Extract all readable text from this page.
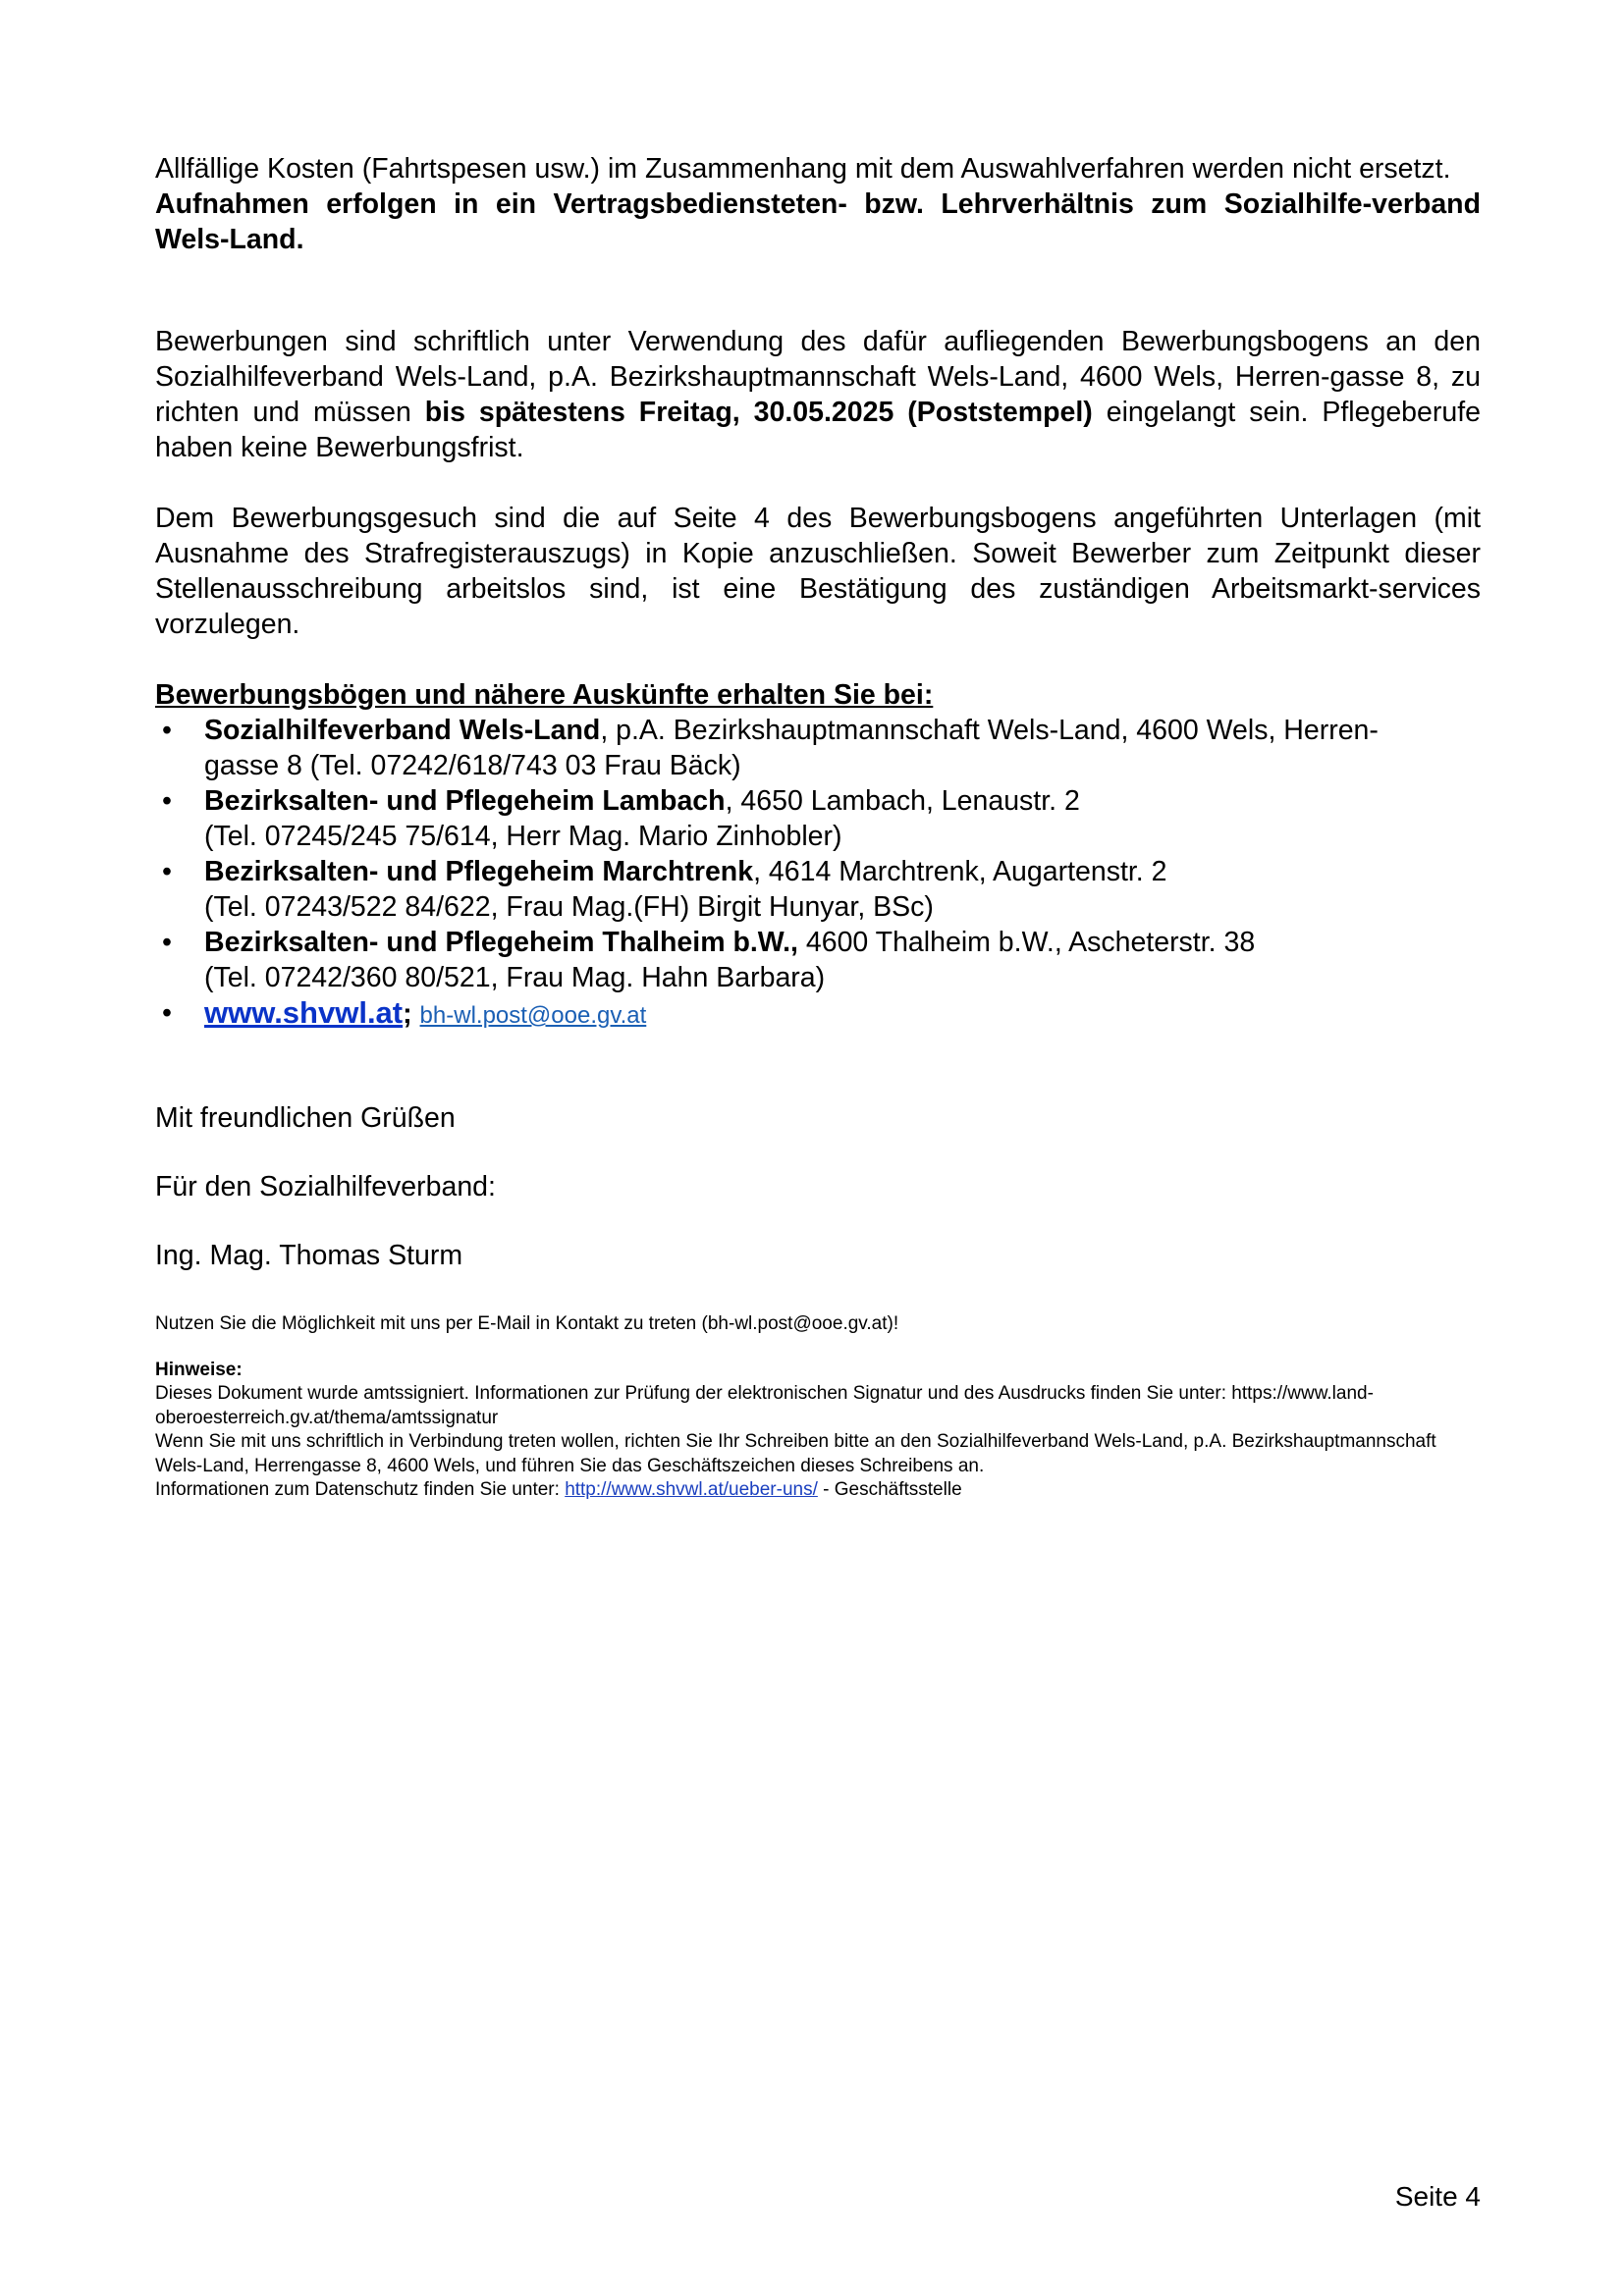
Allfällige Kosten (Fahrtspesen usw.) im Zusammenhang mit dem Auswahlverfahren werden nicht ersetzt.

Aufnahmen erfolgen in ein Vertragsbediensteten- bzw. Lehrverhältnis zum Sozialhilfe-verband Wels-Land.

Bewerbungen sind schriftlich unter Verwendung des dafür aufliegenden Bewerbungsbogens an den Sozialhilfeverband Wels-Land, p.A. Bezirkshauptmannschaft Wels-Land, 4600 Wels, Herren-gasse 8, zu richten und müssen bis spätestens Freitag, 30.05.2025 (Poststempel) eingelangt sein. Pflegeberufe haben keine Bewerbungsfrist.

Dem Bewerbungsgesuch sind die auf Seite 4 des Bewerbungsbogens angeführten Unterlagen (mit Ausnahme des Strafregisterauszugs) in Kopie anzuschließen. Soweit Bewerber zum Zeitpunkt dieser Stellenausschreibung arbeitslos sind, ist eine Bestätigung des zuständigen Arbeitsmarkt-services vorzulegen.

Bewerbungsbögen und nähere Auskünfte erhalten Sie bei:

• Sozialhilfeverband Wels-Land, p.A. Bezirkshauptmannschaft Wels-Land, 4600 Wels, Herren-
gasse 8 (Tel. 07242/618/743 03 Frau Bäck)
• Bezirksalten- und Pflegeheim Lambach, 4650 Lambach, Lenaustr. 2
(Tel. 07245/245 75/614, Herr Mag. Mario Zinhobler)
• Bezirksalten- und Pflegeheim Marchtrenk, 4614 Marchtrenk, Augartenstr. 2
(Tel. 07243/522 84/622, Frau Mag.(FH) Birgit Hunyar, BSc)
• Bezirksalten- und Pflegeheim Thalheim b.W., 4600 Thalheim b.W., Ascheterstr. 38
(Tel. 07242/360 80/521, Frau Mag. Hahn Barbara)
• www.shvwl.at; bh-wl.post@ooe.gv.at

Mit freundlichen Grüßen

Für den Sozialhilfeverband:

Ing. Mag. Thomas Sturm

Nutzen Sie die Möglichkeit mit uns per E-Mail in Kontakt zu treten (bh-wl.post@ooe.gv.at)!

Hinweise:

Dieses Dokument wurde amtssigniert. Informationen zur Prüfung der elektronischen Signatur und des Ausdrucks finden Sie unter: https://www.land-oberoesterreich.gv.at/thema/amtssignatur

Wenn Sie mit uns schriftlich in Verbindung treten wollen, richten Sie Ihr Schreiben bitte an den Sozialhilfeverband Wels-Land, p.A. Bezirkshauptmannschaft Wels-Land, Herrengasse 8, 4600 Wels, und führen Sie das Geschäftszeichen dieses Schreibens an.

Informationen zum Datenschutz finden Sie unter: http://www.shvwl.at/ueber-uns/ - Geschäftsstelle

Seite 4
